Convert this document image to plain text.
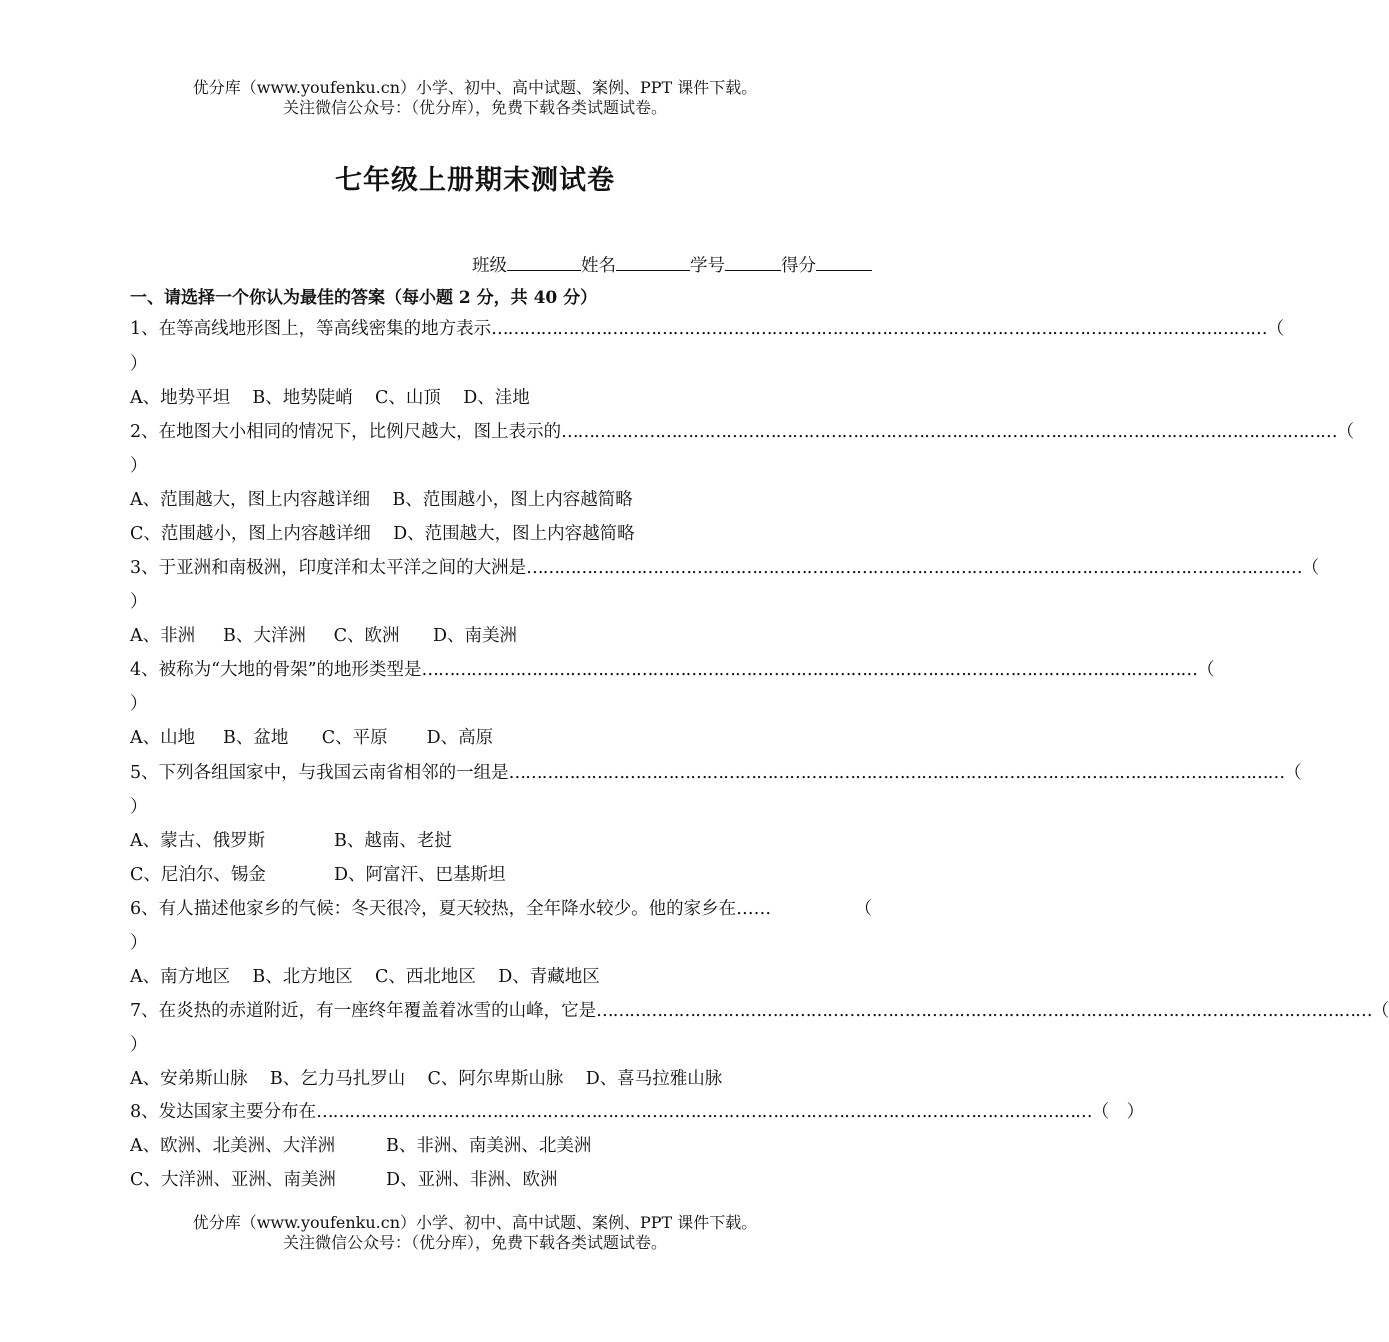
优分库（www.youfenku.cn）小学、初中、高中试题、案例、PPT 课件下载。
关注微信公众号：（优分库），免费下载各类试题试卷。
七年级上册期末测试卷
班级	姓名	学号	得分
一、请选择一个你认为最佳的答案（每小题 2 分，共 40 分）
1、在等高线地形图上，等高线密集的地方表示 …………………………………………………………………………………………………………………………… （
）
A、地势平坦 B、地势陡峭 C、山顶 D、洼地
2、在地图大小相同的情况下，比例尺越大，图上表示的 …………………………………………………………………………………………………………………………… （
）
A、范围越大，图上内容越详细 B、范围越小，图上内容越简略
C、范围越小，图上内容越详细 D、范围越大，图上内容越简略
3、于亚洲和南极洲，印度洋和太平洋之间的大洲是 …………………………………………………………………………………………………………………………… （
）
A、非洲 B、大洋洲 C、欧洲 D、南美洲
4、被称为“大地的骨架”的地形类型是 …………………………………………………………………………………………………………………………… （
）
A、山地 B、盆地 C、平原 D、高原
5、下列各组国家中，与我国云南省相邻的一组是 …………………………………………………………………………………………………………………………… （
）
A、蒙古、俄罗斯	B、越南、老挝
C、尼泊尔、锡金	D、阿富汗、巴基斯坦
6、有人描述他家乡的气候：冬天很冷，夏天较热，全年降水较少。他的家乡在……	（
）
A、南方地区 B、北方地区 C、西北地区 D、青藏地区
7、在炎热的赤道附近，有一座终年覆盖着冰雪的山峰，它是 …………………………………………………………………………………………………………………………… （
）
A、安弟斯山脉 B、乞力马扎罗山 C、阿尔卑斯山脉 D、喜马拉雅山脉
8、发达国家主要分布在 …………………………………………………………………………………………………………………………… （　）
A、欧洲、北美洲、大洋洲	B、非洲、南美洲、北美洲
C、大洋洲、亚洲、南美洲	D、亚洲、非洲、欧洲
优分库（www.youfenku.cn）小学、初中、高中试题、案例、PPT 课件下载。
关注微信公众号：（优分库），免费下载各类试题试卷。
